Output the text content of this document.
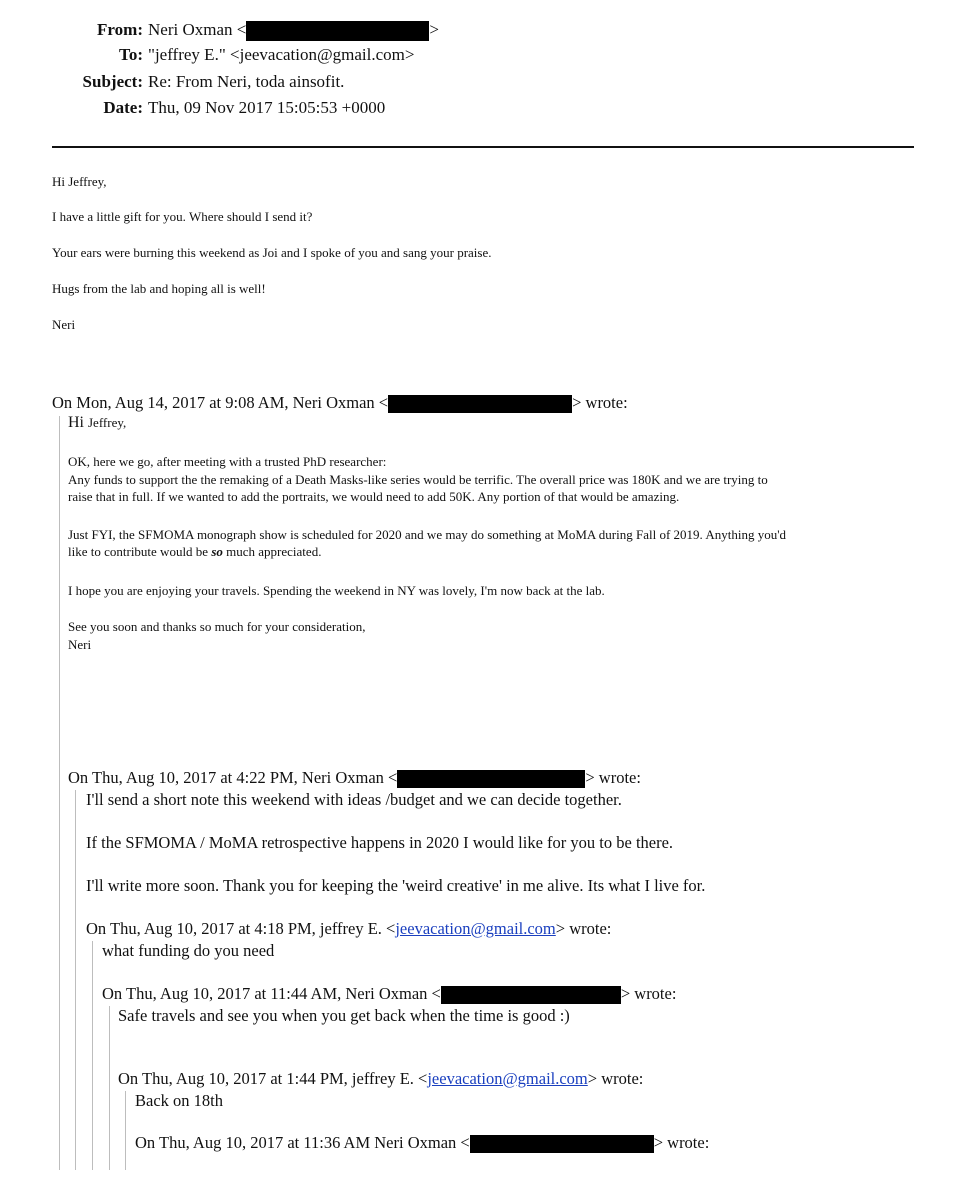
From: Neri Oxman <	>
To: "jeffrey E." <jeevacation@gmail.com>
Subject: Re: From Neri, toda ainsofit.
Date: Thu, 09 Nov 2017 15:05:53 +0000
Hi Jeffrey,
I have a little gift for you. Where should I send it?
Your ears were burning this weekend as Joi and I spoke of you and sang your praise.
Hugs from the lab and hoping all is well!
Neri
On Mon, Aug 14, 2017 at 9:08 AM, Neri Oxman <	> wrote:
Hi Jeffrey,
OK, here we go, after meeting with a trusted PhD researcher:
Any funds to support the the remaking of a Death Masks-like series would be terrific. The overall price was 180K and we are trying to
raise that in full. If we wanted to add the portraits, we would need to add 50K. Any portion of that would be amazing.
Just FYI, the SFMOMA monograph show is scheduled for 2020 and we may do something at MoMA during Fall of 2019. Anything you'd
like to contribute would be so much appreciated.
I hope you are enjoying your travels. Spending the weekend in NY was lovely, I'm now back at the lab.
See you soon and thanks so much for your consideration,
Neri
On Thu, Aug 10, 2017 at 4:22 PM, Neri Oxman <	> wrote:
I'll send a short note this weekend with ideas /budget and we can decide together.
If the SFMOMA / MoMA retrospective happens in 2020 I would like for you to be there.
I'll write more soon. Thank you for keeping the 'weird creative' in me alive. Its what I live for.
On Thu, Aug 10, 2017 at 4:18 PM, jeffrey E. <jeevacation@gmail.com> wrote:
what funding do you need
On Thu, Aug 10, 2017 at 11:44 AM, Neri Oxman <	> wrote:
Safe travels and see you when you get back when the time is good :)
On Thu, Aug 10, 2017 at 1:44 PM, jeffrey E. <jeevacation@gmail.com> wrote:
Back on 18th
On Thu, Aug 10, 2017 at 11:36 AM Neri Oxman <	> wrote:
